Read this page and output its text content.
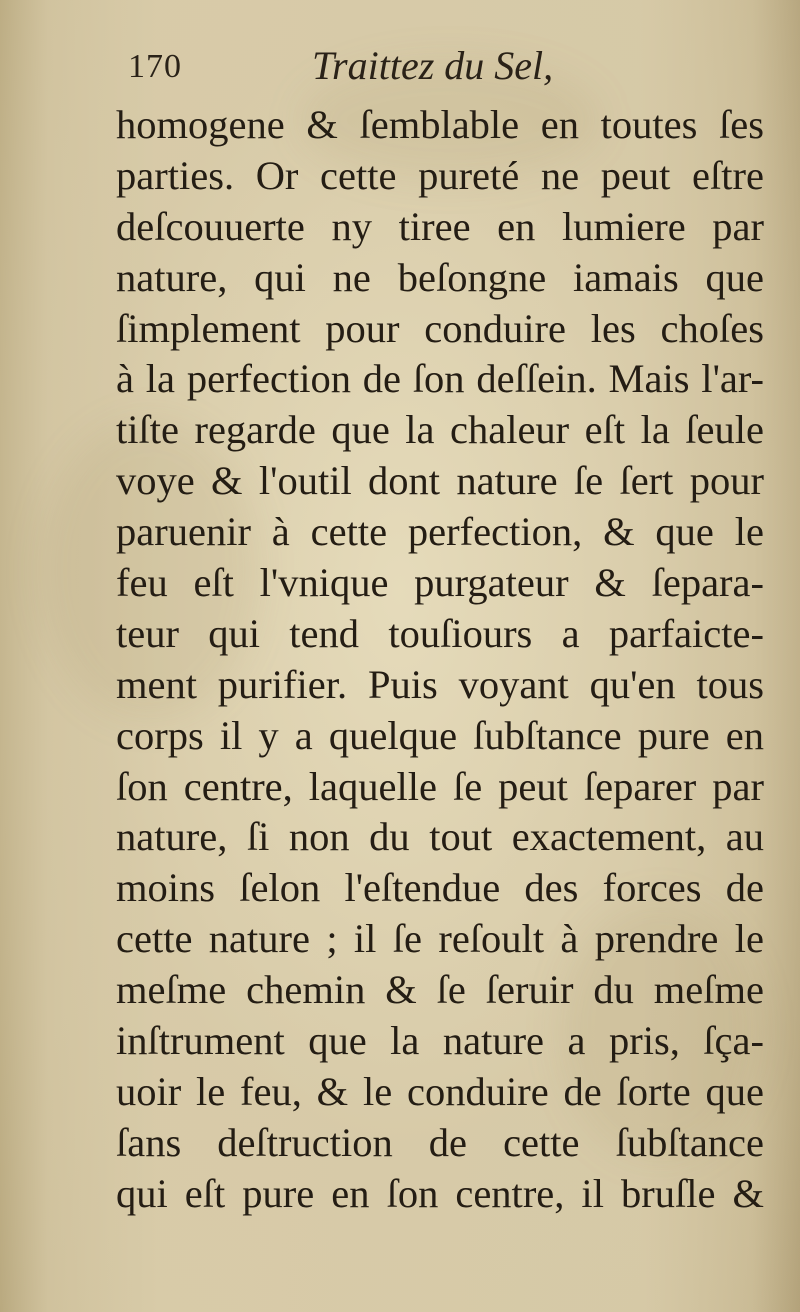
170	Traittez du Sel,
homogene & ſemblable en toutes ſes
parties. Or cette pureté ne peut eſtre
deſcouuerte ny tiree en lumiere par
nature, qui ne beſongne iamais que
ſimplement pour conduire les choſes
à la perfection de ſon deſſein. Mais l'ar-
tiſte regarde que la chaleur eſt la ſeule
voye & l'outil dont nature ſe ſert pour
paruenir à cette perfection, & que le
feu eſt l'vnique purgateur & ſepara-
teur qui tend touſiours a parfaicte-
ment purifier. Puis voyant qu'en tous
corps il y a quelque ſubſtance pure en
ſon centre, laquelle ſe peut ſeparer par
nature, ſi non du tout exactement, au
moins ſelon l'eſtendue des forces de
cette nature ; il ſe reſoult à prendre le
meſme chemin & ſe ſeruir du meſme
inſtrument que la nature a pris, ſça-
uoir le feu, & le conduire de ſorte que
ſans deſtruction de cette ſubſtance
qui eſt pure en ſon centre, il bruſle &
